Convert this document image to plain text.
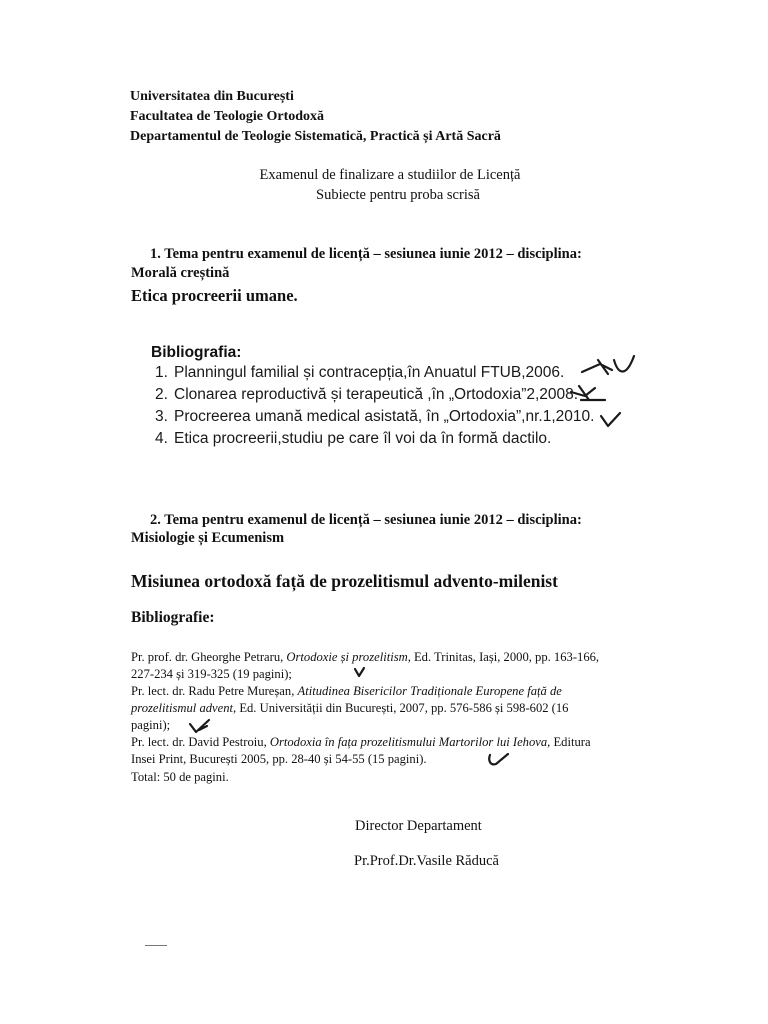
Universitatea din București
Facultatea de Teologie Ortodoxă
Departamentul de Teologie Sistematică, Practică și Artă Sacră
Examenul de finalizare a studiilor de Licență
Subiecte pentru proba scrisă
1. Tema pentru examenul de licență – sesiunea iunie 2012 – disciplina:
Morală creștină
Etica procreerii umane.
Bibliografia:
1. Planningul familial și contracepția,în Anuatul FTUB,2006.
2. Clonarea reproductivă și terapeutică ,în „Ortodoxia”2,2008.
3. Procreerea umană medical asistată, în „Ortodoxia”,nr.1,2010.
4. Etica procreerii,studiu pe care îl voi da în formă dactilo.
2. Tema pentru examenul de licență – sesiunea iunie 2012 – disciplina:
Misiologie și Ecumenism
Misiunea ortodoxă față de prozelitismul advento-milenist
Bibliografie:
Pr. prof. dr. Gheorghe Petraru, Ortodoxie și prozelitism, Ed. Trinitas, Iași, 2000, pp. 163-166,
227-234 și 319-325 (19 pagini);
Pr. lect. dr. Radu Petre Mureșan, Atitudinea Bisericilor Tradiționale Europene față de
prozelitismul advent, Ed. Universității din București, 2007, pp. 576-586 și 598-602 (16
pagini);
Pr. lect. dr. David Pestroiu, Ortodoxia în fața prozelitismului Martorilor lui Iehova, Editura
Insei Print, București 2005, pp. 28-40 și 54-55 (15 pagini).
Total: 50 de pagini.
Director Departament
Pr.Prof.Dr.Vasile Răducă
